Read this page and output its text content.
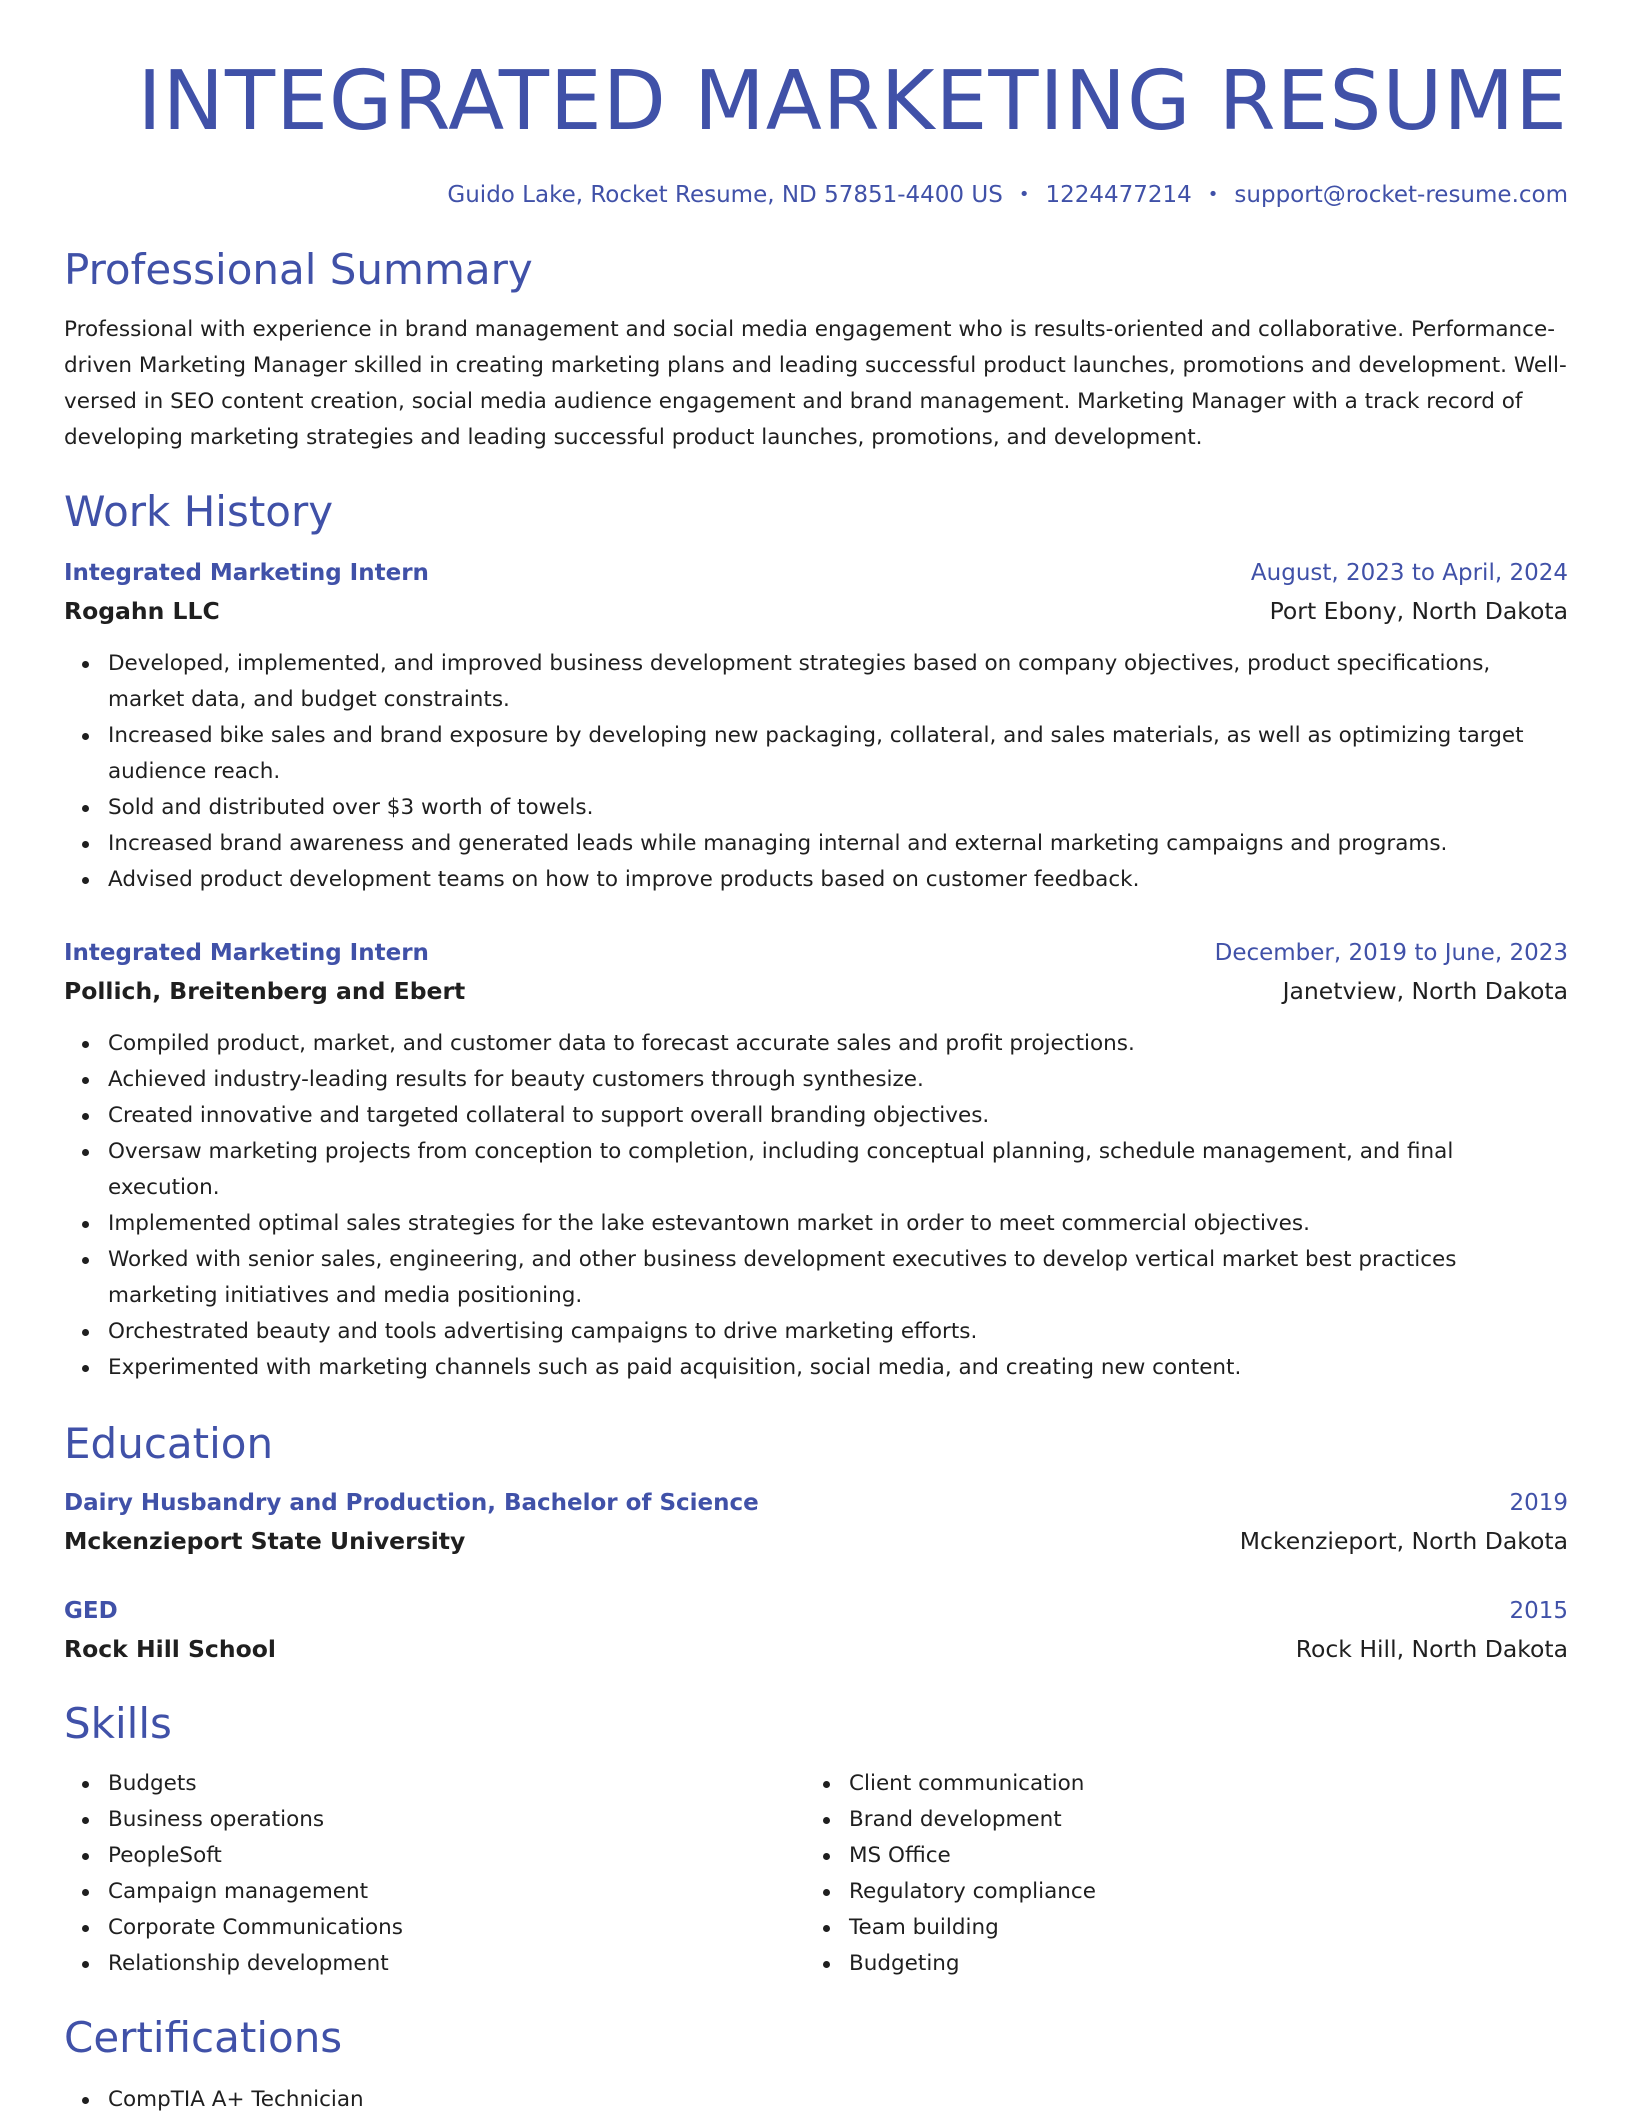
INTEGRATED MARKETING RESUME
Guido Lake, Rocket Resume, ND 57851-4400 US • 1224477214 • support@rocket-resume.com
Professional Summary

Professional with experience in brand management and social media engagement who is results-oriented and collaborative. Performance-driven Marketing Manager skilled in creating marketing plans and leading successful product launches, promotions and development. Well-versed in SEO content creation, social media audience engagement and brand management. Marketing Manager with a track record of developing marketing strategies and leading successful product launches, promotions, and development.

Work History
Integrated Marketing Intern	August, 2023 to April, 2024
Rogahn LLC	Port Ebony, North Dakota
Developed, implemented, and improved business development strategies based on company objectives, product specifications, market data, and budget constraints.
Increased bike sales and brand exposure by developing new packaging, collateral, and sales materials, as well as optimizing target audience reach.
Sold and distributed over $3 worth of towels.
Increased brand awareness and generated leads while managing internal and external marketing campaigns and programs.
Advised product development teams on how to improve products based on customer feedback.
Integrated Marketing Intern	December, 2019 to June, 2023
Pollich, Breitenberg and Ebert	Janetview, North Dakota
Compiled product, market, and customer data to forecast accurate sales and profit projections.
Achieved industry-leading results for beauty customers through synthesize.
Created innovative and targeted collateral to support overall branding objectives.
Oversaw marketing projects from conception to completion, including conceptual planning, schedule management, and final execution.
Implemented optimal sales strategies for the lake estevantown market in order to meet commercial objectives.
Worked with senior sales, engineering, and other business development executives to develop vertical market best practices marketing initiatives and media positioning.
Orchestrated beauty and tools advertising campaigns to drive marketing efforts.
Experimented with marketing channels such as paid acquisition, social media, and creating new content.
Education
Dairy Husbandry and Production, Bachelor of Science	2019
Mckenzieport State University	Mckenzieport, North Dakota
GED	2015
Rock Hill School	Rock Hill, North Dakota
Skills
Budgets
Business operations
PeopleSoft
Campaign management
Corporate Communications
Relationship development
Client communication
Brand development
MS Office
Regulatory compliance
Team building
Budgeting
Certifications
CompTIA A+ Technician
